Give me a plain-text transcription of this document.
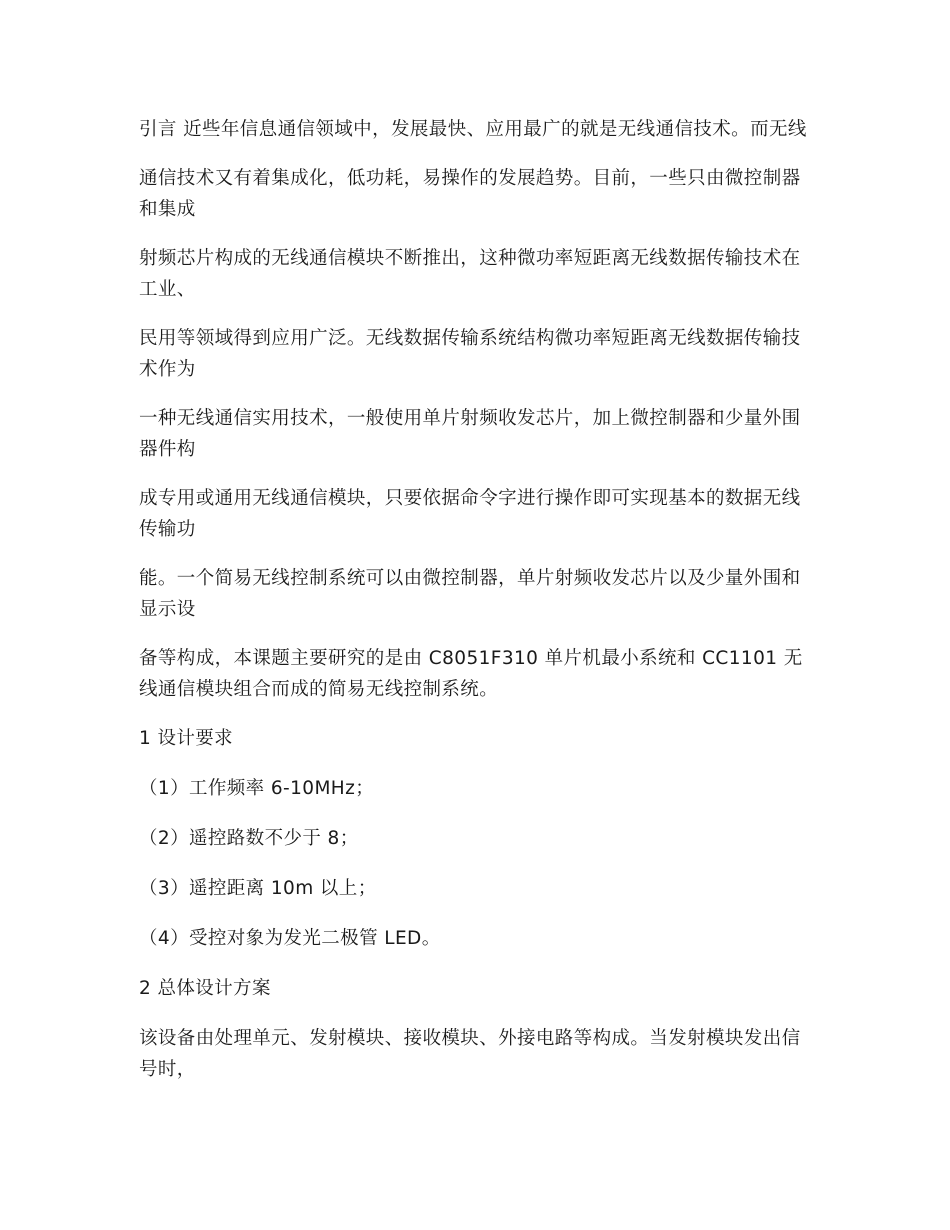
引言 近些年信息通信领域中，发展最快、应用最广的就是无线通信技术。而无线

通信技术又有着集成化，低功耗，易操作的发展趋势。目前，一些只由微控制器和集成

射频芯片构成的无线通信模块不断推出，这种微功率短距离无线数据传输技术在工业、

民用等领域得到应用广泛。无线数据传输系统结构微功率短距离无线数据传输技术作为

一种无线通信实用技术，一般使用单片射频收发芯片，加上微控制器和少量外围器件构

成专用或通用无线通信模块，只要依据命令字进行操作即可实现基本的数据无线传输功

能。一个简易无线控制系统可以由微控制器，单片射频收发芯片以及少量外围和显示设

备等构成，本课题主要研究的是由 C8051F310 单片机最小系统和 CC1101 无线通信模块组合而成的简易无线控制系统。

1 设计要求

（1）工作频率 6-10MHz；

（2）遥控路数不少于 8；

（3）遥控距离 10m 以上；

（4）受控对象为发光二极管 LED。

2 总体设计方案

该设备由处理单元、发射模块、接收模块、外接电路等构成。当发射模块发出信号时，
